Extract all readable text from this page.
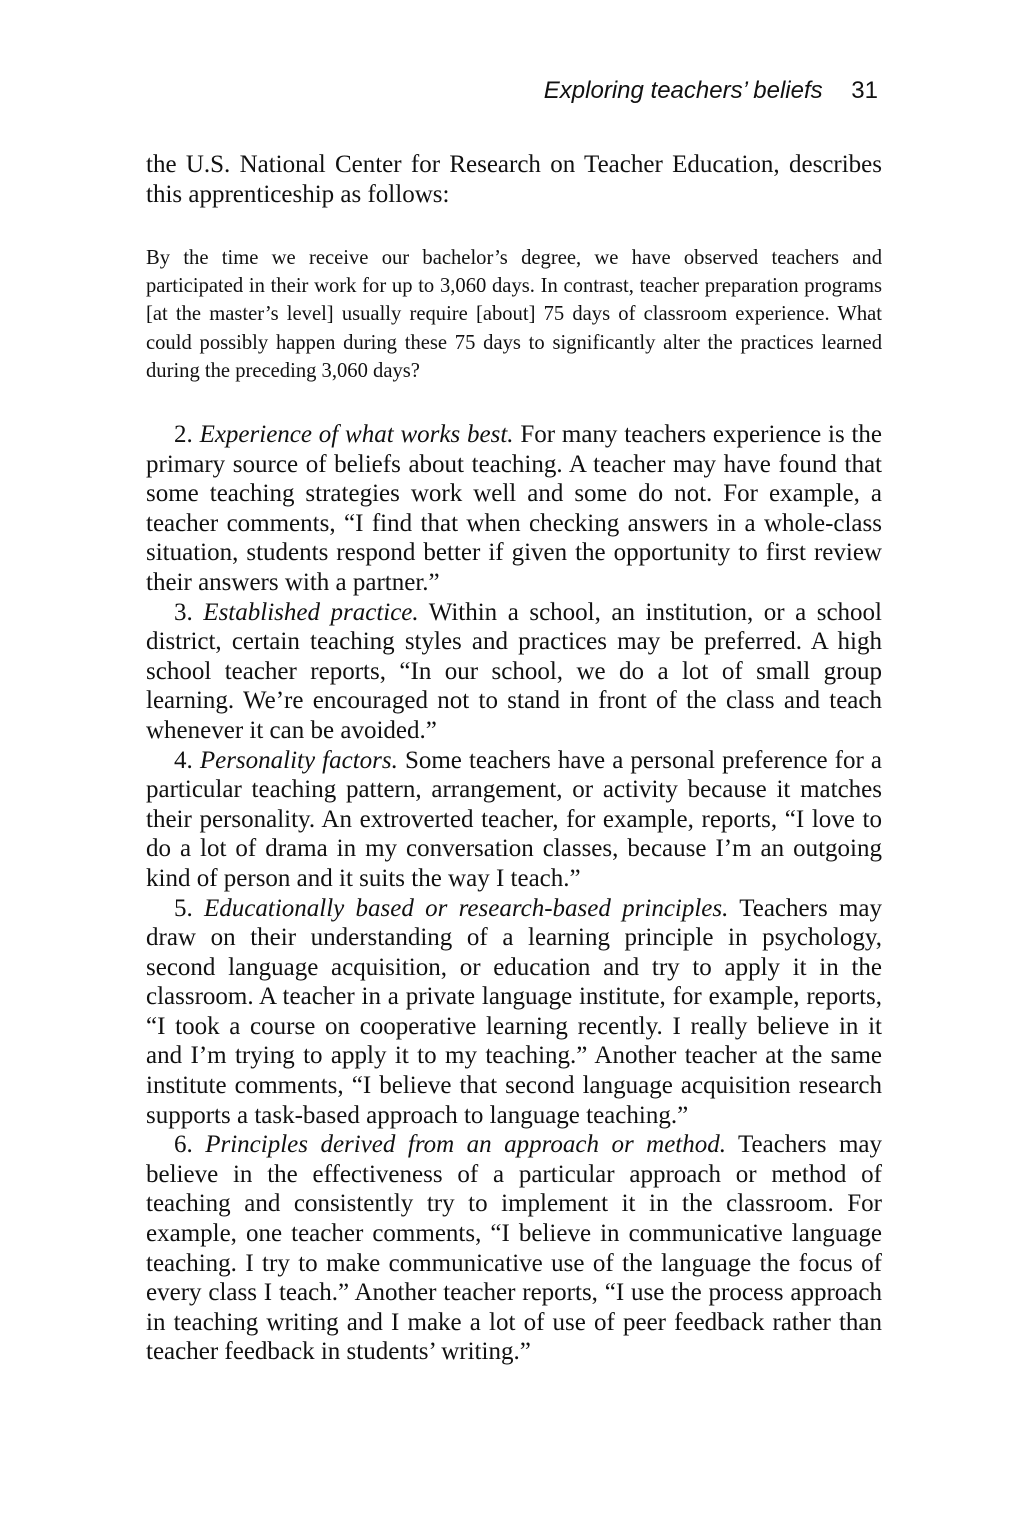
Exploring teachers’ beliefs 31

the U.S. National Center for Research on Teacher Education, describes this apprenticeship as follows:

By the time we receive our bachelor’s degree, we have observed teachers and participated in their work for up to 3,060 days. In contrast, teacher preparation programs [at the master’s level] usually require [about] 75 days of classroom experience. What could possibly happen during these 75 days to significantly alter the practices learned during the preceding 3,060 days?

2. Experience of what works best. For many teachers experience is the primary source of beliefs about teaching. A teacher may have found that some teaching strategies work well and some do not. For example, a teacher comments, “I find that when checking answers in a whole-class situation, students respond better if given the opportunity to first review their answers with a partner.”

3. Established practice. Within a school, an institution, or a school district, certain teaching styles and practices may be preferred. A high school teacher reports, “In our school, we do a lot of small group learning. We’re encouraged not to stand in front of the class and teach whenever it can be avoided.”

4. Personality factors. Some teachers have a personal preference for a particular teaching pattern, arrangement, or activity because it matches their personality. An extroverted teacher, for example, reports, “I love to do a lot of drama in my conversation classes, because I’m an outgoing kind of person and it suits the way I teach.”

5. Educationally based or research-based principles. Teachers may draw on their understanding of a learning principle in psychology, second language acquisition, or education and try to apply it in the classroom. A teacher in a private language institute, for example, reports, “I took a course on cooperative learning recently. I really believe in it and I’m trying to apply it to my teaching.” Another teacher at the same institute comments, “I believe that second language acquisition research supports a task-based approach to language teaching.”

6. Principles derived from an approach or method. Teachers may believe in the effectiveness of a particular approach or method of teaching and consistently try to implement it in the classroom. For example, one teacher comments, “I believe in communicative language teaching. I try to make communicative use of the language the focus of every class I teach.” Another teacher reports, “I use the process approach in teaching writing and I make a lot of use of peer feedback rather than teacher feedback in students’ writing.”
